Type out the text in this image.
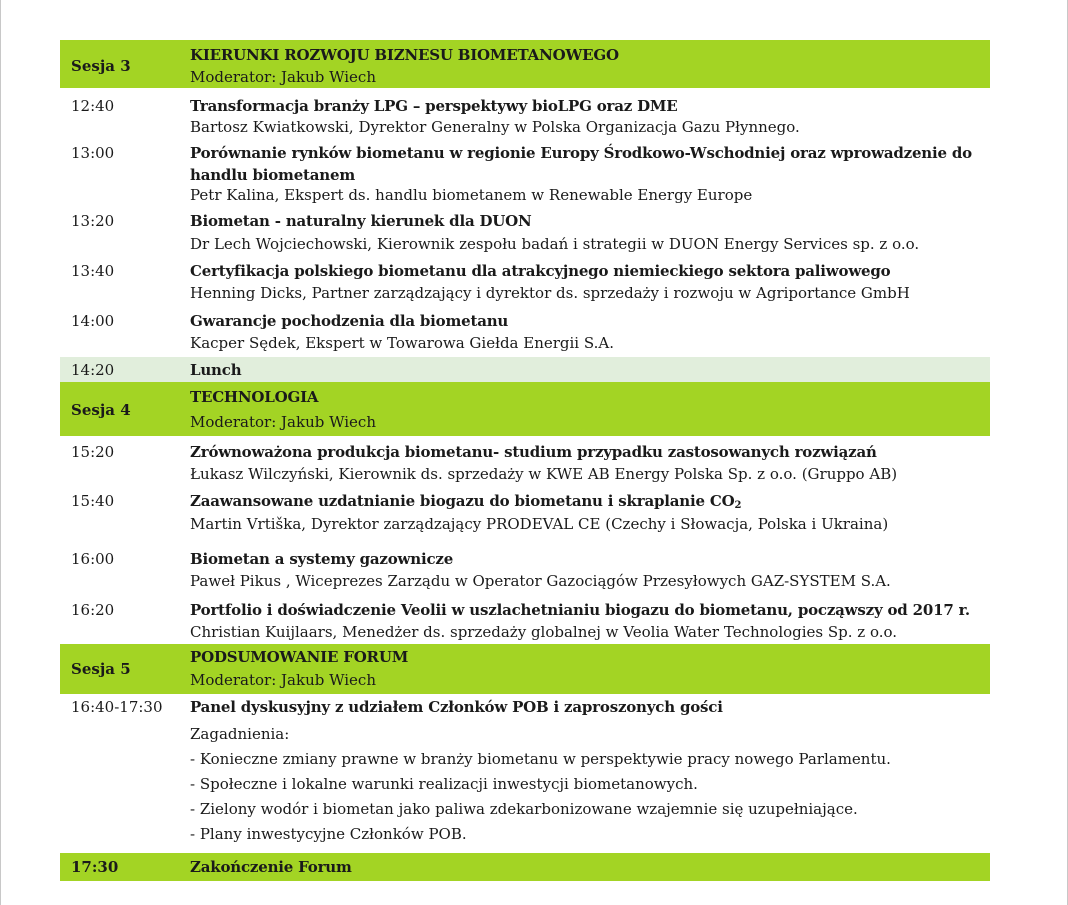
Sesja 3
KIERUNKI ROZWOJU BIZNESU BIOMETANOWEGO
Moderator: Jakub Wiech
12:40	Transformacja branży LPG – perspektywy bioLPG oraz DME
Bartosz Kwiatkowski, Dyrektor Generalny w Polska Organizacja Gazu Płynnego.
13:00	Porównanie rynków biometanu w regionie Europy Środkowo-Wschodniej oraz wprowadzenie do handlu biometanem
Petr Kalina, Ekspert ds. handlu biometanem w Renewable Energy Europe
13:20	Biometan - naturalny kierunek dla DUON
Dr Lech Wojciechowski, Kierownik zespołu badań i strategii w DUON Energy Services sp. z o.o.
13:40	Certyfikacja polskiego biometanu dla atrakcyjnego niemieckiego sektora paliwowego
Henning Dicks, Partner zarządzający i dyrektor ds. sprzedaży i rozwoju w Agriportance GmbH
14:00	Gwarancje pochodzenia dla biometanu
Kacper Sędek, Ekspert w Towarowa Giełda Energii S.A.
14:20	Lunch
Sesja 4
TECHNOLOGIA
Moderator: Jakub Wiech
15:20	Zrównoważona produkcja biometanu- studium przypadku zastosowanych rozwiązań
Łukasz Wilczyński, Kierownik ds. sprzedaży w KWE AB Energy Polska Sp. z o.o. (Gruppo AB)
15:40	Zaawansowane uzdatnianie biogazu do biometanu i skraplanie $CO_2$
Martin Vrtiška, Dyrektor zarządzający PRODEVAL CE (Czechy i Słowacja, Polska i Ukraina)
16:00	Biometan a systemy gazownicze
Paweł Pikus , Wiceprezes Zarządu w Operator Gazociągów Przesyłowych GAZ-SYSTEM S.A.
16:20	Portfolio i doświadczenie Veolii w uszlachetnianiu biogazu do biometanu, począwszy od 2017 r.
Christian Kuijlaars, Menedżer ds. sprzedaży globalnej w Veolia Water Technologies Sp. z o.o.
Sesja 5
PODSUMOWANIE FORUM
Moderator: Jakub Wiech
16:40-17:30 Panel dyskusyjny z udziałem Członków POB i zaproszonych gości

Zagadnienia:

- Konieczne zmiany prawne w branży biometanu w perspektywie pracy nowego Parlamentu.

- Społeczne i lokalne warunki realizacji inwestycji biometanowych.

- Zielony wodór i biometan jako paliwa zdekarbonizowane wzajemnie się uzupełniające.

- Plany inwestycyjne Członków POB.

17:30	Zakończenie Forum
